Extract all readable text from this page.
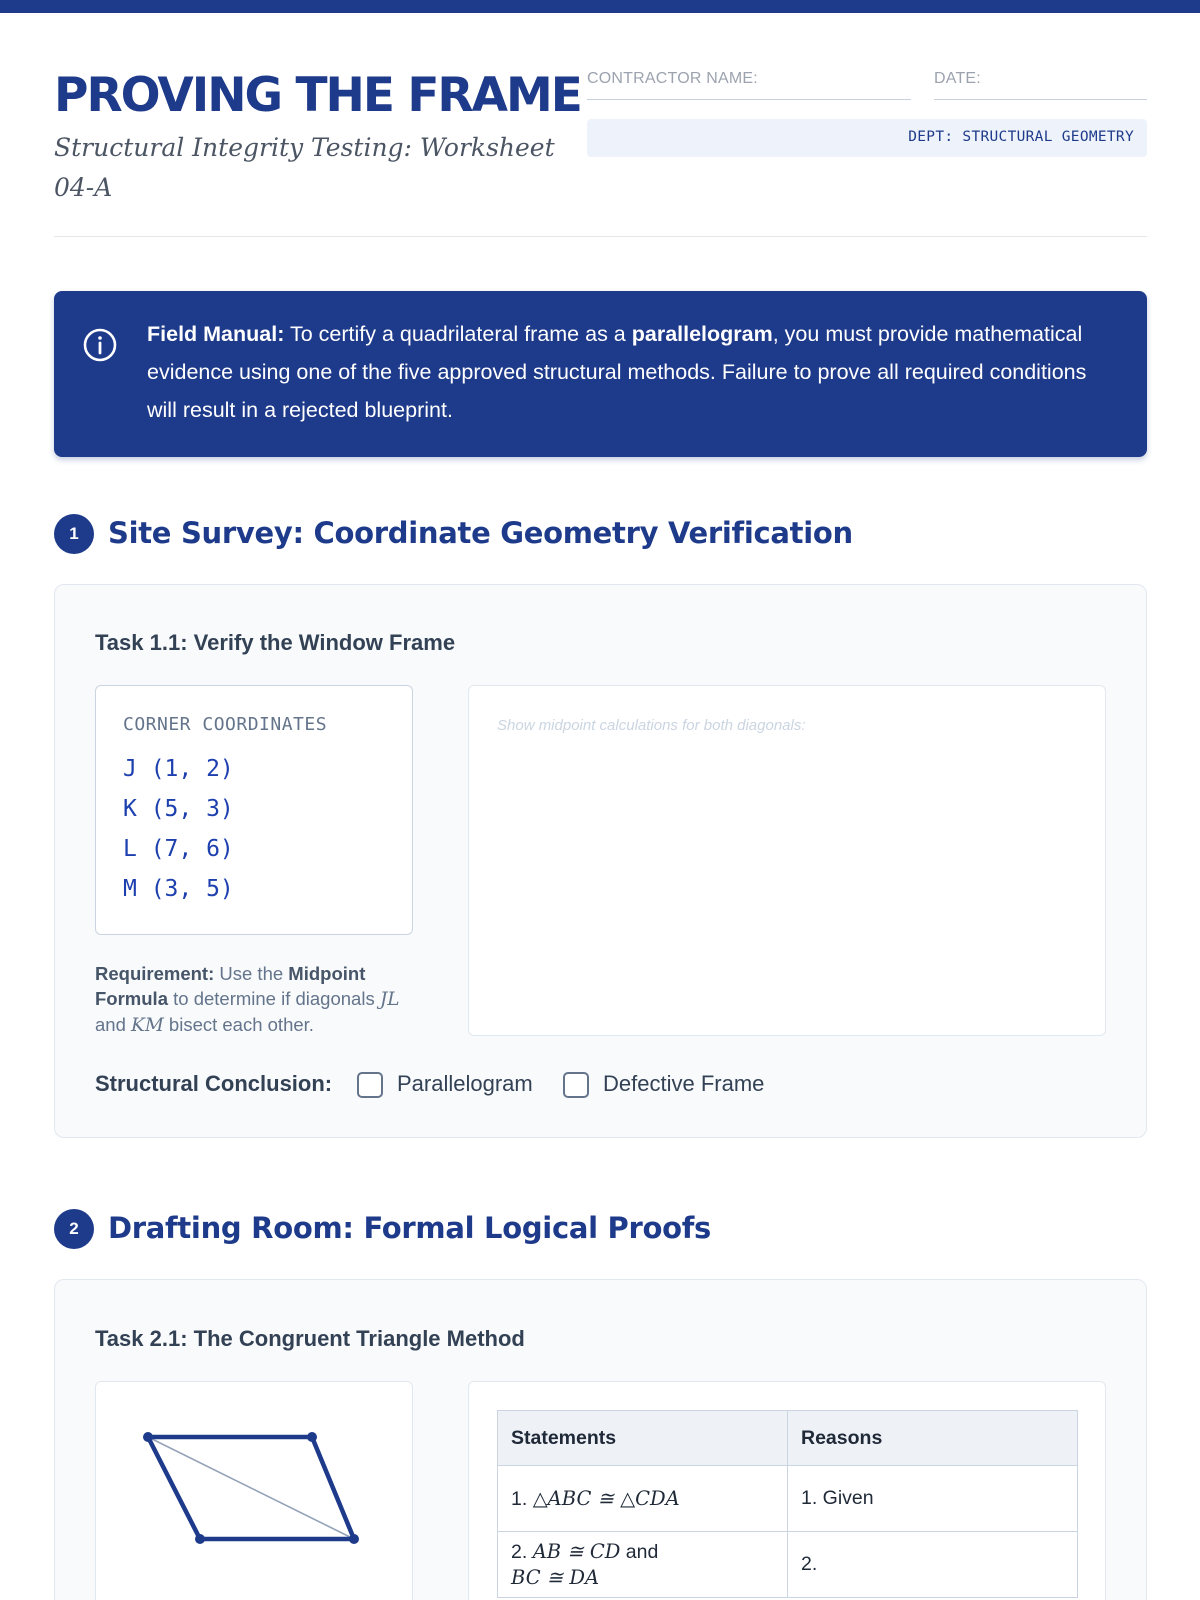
PROVING THE FRAME
Structural Integrity Testing: Worksheet 04-A
CONTRACTOR NAME:	DATE:
DEPT: STRUCTURAL GEOMETRY
Field Manual: To certify a quadrilateral frame as a parallelogram, you must provide mathematical evidence using one of the five approved structural methods. Failure to prove all required conditions will result in a rejected blueprint.
1	Site Survey: Coordinate Geometry Verification
Task 1.1: Verify the Window Frame
CORNER COORDINATES
J (1, 2)
K (5, 3)
L (7, 6)
M (3, 5)
Requirement: Use the Midpoint Formula to determine if diagonals JL and KM bisect each other.
Show midpoint calculations for both diagonals:
Structural Conclusion:	Parallelogram	Defective Frame
2	Drafting Room: Formal Logical Proofs
Task 2.1: The Congruent Triangle Method
Statements	Reasons
1. △ABC ≅ △CDA	1. Given
2. AB ≅ CD and
BC ≅ DA	2.
